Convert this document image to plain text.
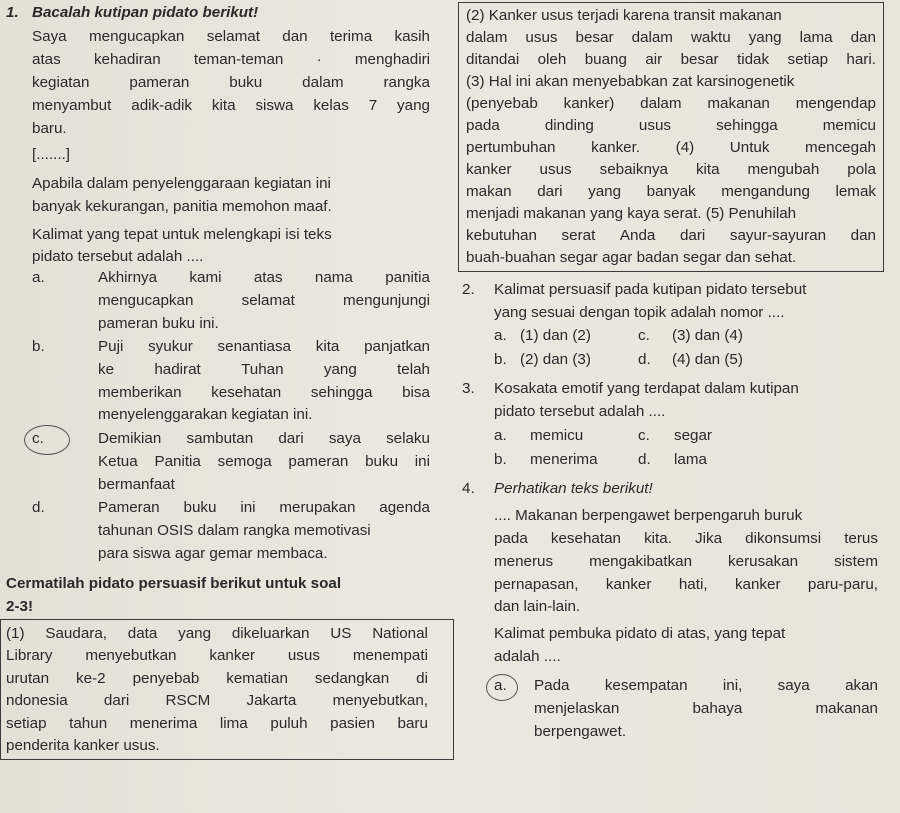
1. Bacalah kutipan pidato berikut!
Saya mengucapkan selamat dan terima kasih
atas kehadiran teman-teman · menghadiri
kegiatan	pameran	buku	dalam	rangka
menyambut adik-adik kita siswa kelas 7 yang
baru.
[.......]
Apabila dalam penyelenggaraan kegiatan ini
banyak kekurangan, panitia memohon maaf.
Kalimat yang tepat untuk melengkapi isi teks
pidato tersebut adalah ....
a.	Akhirnya kami atas nama panitia
mengucapkan	selamat	mengunjungi
pameran buku ini.
b.	Puji syukur senantiasa kita panjatkan
ke	hadirat	Tuhan	yang	telah
memberikan kesehatan sehingga bisa
menyelenggarakan kegiatan ini.
c.	Demikian sambutan dari saya selaku
Ketua Panitia semoga pameran buku ini
bermanfaat
d.	Pameran buku ini merupakan agenda
tahunan OSIS dalam rangka memotivasi
para siswa agar gemar membaca.
Cermatilah pidato persuasif berikut untuk soal
2-3!
(1) Saudara, data yang dikeluarkan US National
Library menyebutkan kanker usus menempati
urutan ke-2 penyebab kematian sedangkan di
ndonesia dari RSCM Jakarta menyebutkan,
setiap tahun menerima lima puluh pasien baru
penderita kanker usus.
(2) Kanker usus terjadi karena transit makanan
dalam usus besar dalam waktu yang lama dan
ditandai oleh buang air besar tidak setiap hari.
(3) Hal ini akan menyebabkan zat karsinogenetik
(penyebab kanker) dalam makanan mengendap
pada	dinding	usus	sehingga	memicu
pertumbuhan kanker. (4) Untuk mencegah
kanker usus sebaiknya kita mengubah pola
makan dari yang banyak mengandung lemak
menjadi makanan yang kaya serat. (5) Penuhilah
kebutuhan serat Anda dari sayur-sayuran dan
buah-buahan segar agar badan segar dan sehat.
2. Kalimat persuasif pada kutipan pidato tersebut
yang sesuai dengan topik adalah nomor ....
a. (1) dan (2)	c. (3) dan (4)
b. (2) dan (3)	d. (4) dan (5)
3. Kosakata emotif yang terdapat dalam kutipan
pidato tersebut adalah ....
a. memicu	c. segar
b. menerima	d. lama
4. Perhatikan teks berikut!
.... Makanan berpengawet berpengaruh buruk
pada kesehatan kita. Jika dikonsumsi terus
menerus mengakibatkan kerusakan sistem
pernapasan, kanker hati, kanker paru-paru,
dan lain-lain.
Kalimat pembuka pidato di atas, yang tepat
adalah ....
a. Pada kesempatan ini, saya akan
menjelaskan	bahaya	makanan
berpengawet.
